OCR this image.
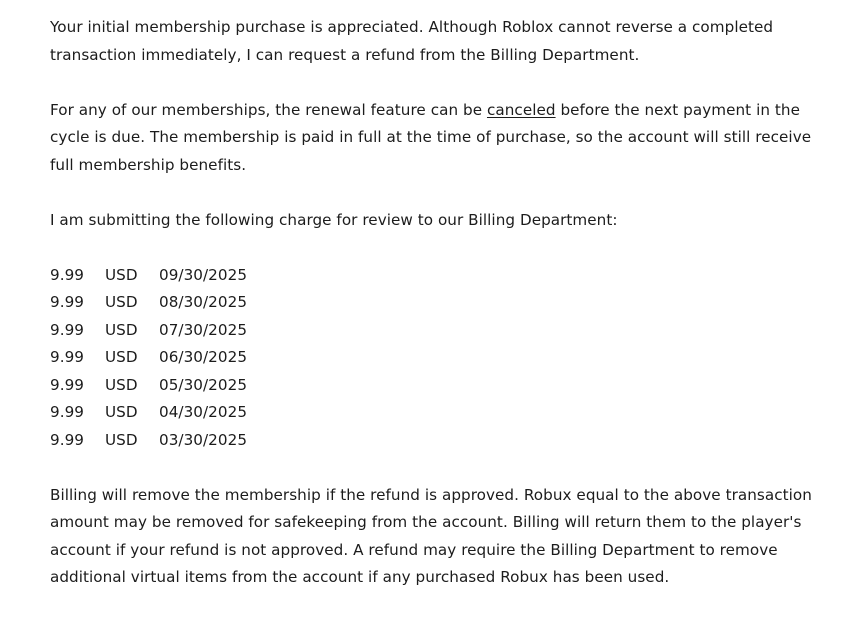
Your initial membership purchase is appreciated. Although Roblox cannot reverse a completed transaction immediately, I can request a refund from the Billing Department.

For any of our memberships, the renewal feature can be canceled before the next payment in the cycle is due. The membership is paid in full at the time of purchase, so the account will still receive full membership benefits.

I am submitting the following charge for review to our Billing Department:

9.99	USD	09/30/2025
9.99	USD	08/30/2025
9.99	USD	07/30/2025
9.99	USD	06/30/2025
9.99	USD	05/30/2025
9.99	USD	04/30/2025
9.99	USD	03/30/2025

Billing will remove the membership if the refund is approved. Robux equal to the above transaction amount may be removed for safekeeping from the account. Billing will return them to the player's account if your refund is not approved. A refund may require the Billing Department to remove additional virtual items from the account if any purchased Robux has been used.
